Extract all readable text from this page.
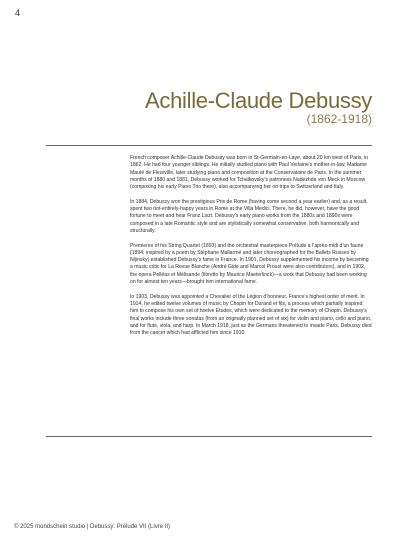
4
Achille-Claude Debussy
(1862-1918)

French composer Achille-Claude Debussy was born in St-Germain-en-Laye, about 20 km west of Paris, in 1862. He had four younger siblings. He initially studied piano with Paul Verlaine’s mother-in-law, Madame Mauté de Fleurville, later studying piano and composition at the Conservatoire de Paris. In the summer months of 1880 and 1881, Debussy worked for Tchaikovsky’s patroness Nadezhda von Meck in Moscow (composing his early Piano Trio there), also accompanying her on trips to Switzerland and Italy.

In 1884, Debussy won the prestigious Prix de Rome (having come second a year earlier) and, as a result, spent two not-entirely-happy years in Rome at the Villa Medici. There, he did, however, have the good fortune to meet and hear Franz Liszt. Debussy’s early piano works from the 1880s and 1890s were composed in a late Romantic style and are stylistically somewhat conservative, both harmonically and structurally.

Premieres of his String Quartet (1893) and the orchestral masterpiece Prélude à l’après-midi d’un faune (1894, inspired by a poem by Stéphane Mallarmé and later choreographed for the Ballets Russes by Nijinsky) established Debussy’s fame in France. In 1901, Debussy supplemented his income by becoming a music critic for La Revue Blanche (André Gide and Marcel Proust were also contributors), and in 1902, the opera Pelléas et Mélisande (libretto by Maurice Maeterlinck)—a work that Debussy had been working on for almost ten years—brought him international fame.

In 1903, Debussy was appointed a Chevalier of the Légion d’honneur, France’s highest order of merit. In 1914, he edited twelve volumes of music by Chopin for Durand et fils, a process which partially inspired him to compose his own set of twelve Études, which were dedicated to the memory of Chopin. Debussy’s final works include three sonatas (from an originally planned set of six) for violin and piano, cello and piano, and for flute, viola, and harp. In March 1918, just as the Germans threatened to invade Paris, Debussy died from the cancer which had afflicted him since 1910.

© 2025 mondschein studio | Debussy: Prélude VII (Livre II)
